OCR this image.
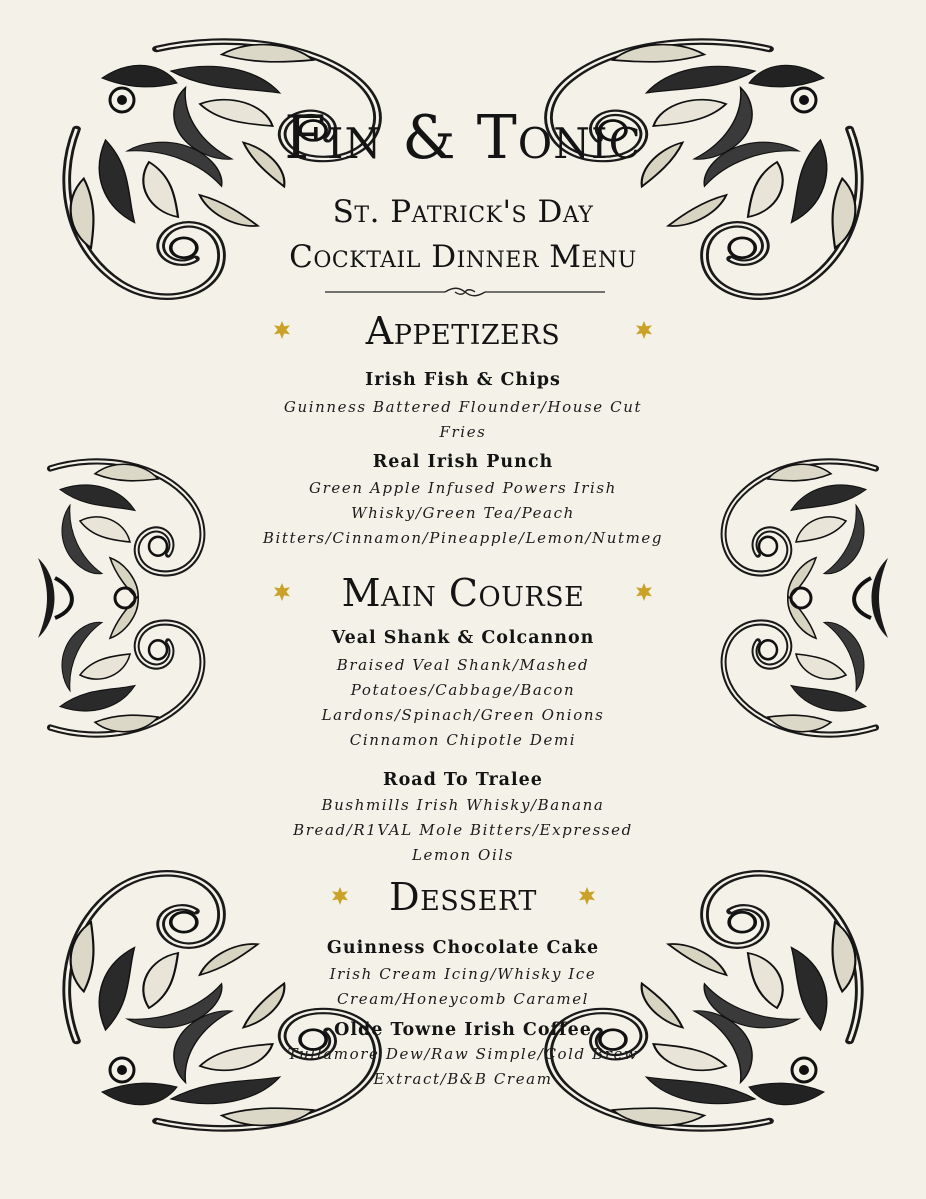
Fin & Tonic
St. Patrick's Day
Cocktail Dinner Menu
Appetizers
Irish Fish & Chips
Guinness Battered Flounder/House Cut
Fries
Real Irish Punch
Green Apple Infused Powers Irish
Whisky/Green Tea/Peach
Bitters/Cinnamon/Pineapple/Lemon/Nutmeg
Main Course
Veal Shank & Colcannon
Braised Veal Shank/Mashed
Potatoes/Cabbage/Bacon
Lardons/Spinach/Green Onions
Cinnamon Chipotle Demi
Road To Tralee
Bushmills Irish Whisky/Banana
Bread/R1VAL Mole Bitters/Expressed
Lemon Oils
Dessert
Guinness Chocolate Cake
Irish Cream Icing/Whisky Ice
Cream/Honeycomb Caramel
Olde Towne Irish Coffee
Tullamore Dew/Raw Simple/Cold Brew
Extract/B&B Cream
